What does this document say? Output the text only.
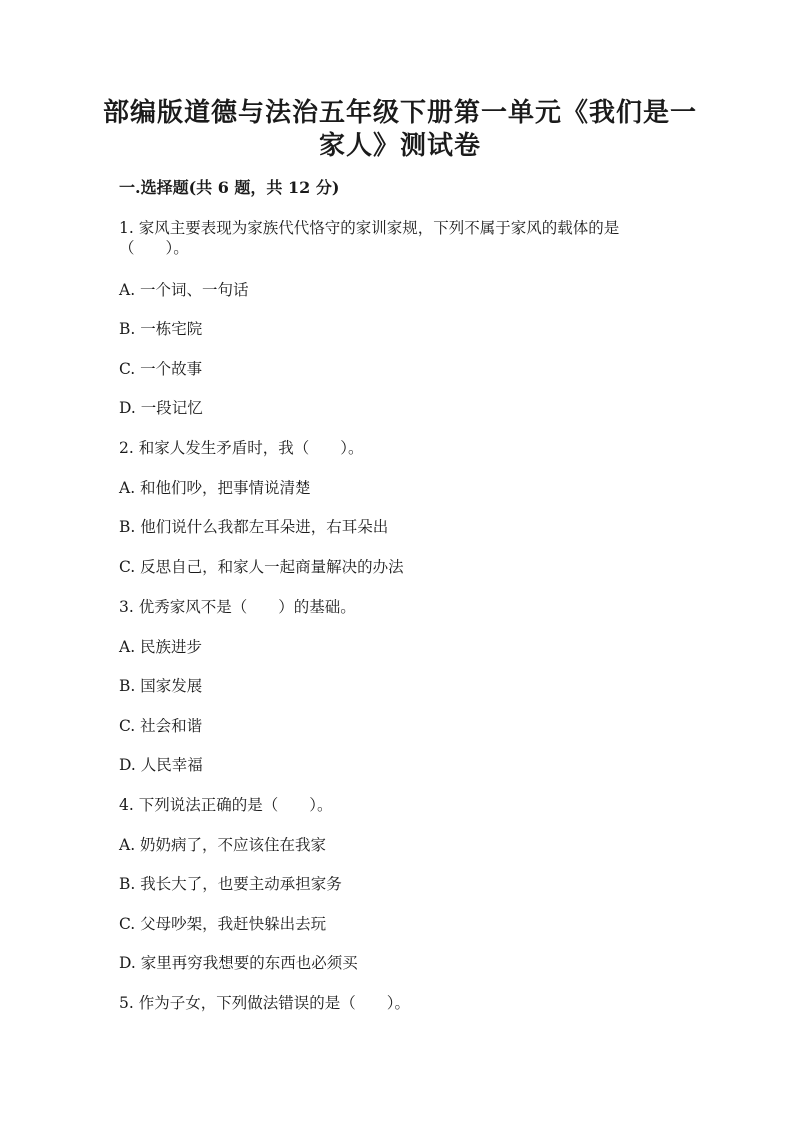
部编版道德与法治五年级下册第一单元《我们是一
家人》测试卷
一.选择题(共 6 题，共 12 分)
1. 家风主要表现为家族代代恪守的家训家规，下列不属于家风的载体的是
（　　）。
A. 一个词、一句话
B. 一栋宅院
C. 一个故事
D. 一段记忆
2. 和家人发生矛盾时，我（　　）。
A. 和他们吵，把事情说清楚
B. 他们说什么我都左耳朵进，右耳朵出
C. 反思自己，和家人一起商量解决的办法
3. 优秀家风不是（　　）的基础。
A. 民族进步
B. 国家发展
C. 社会和谐
D. 人民幸福
4. 下列说法正确的是（　　）。
A. 奶奶病了，不应该住在我家
B. 我长大了，也要主动承担家务
C. 父母吵架，我赶快躲出去玩
D. 家里再穷我想要的东西也必须买
5. 作为子女，下列做法错误的是（　　）。
